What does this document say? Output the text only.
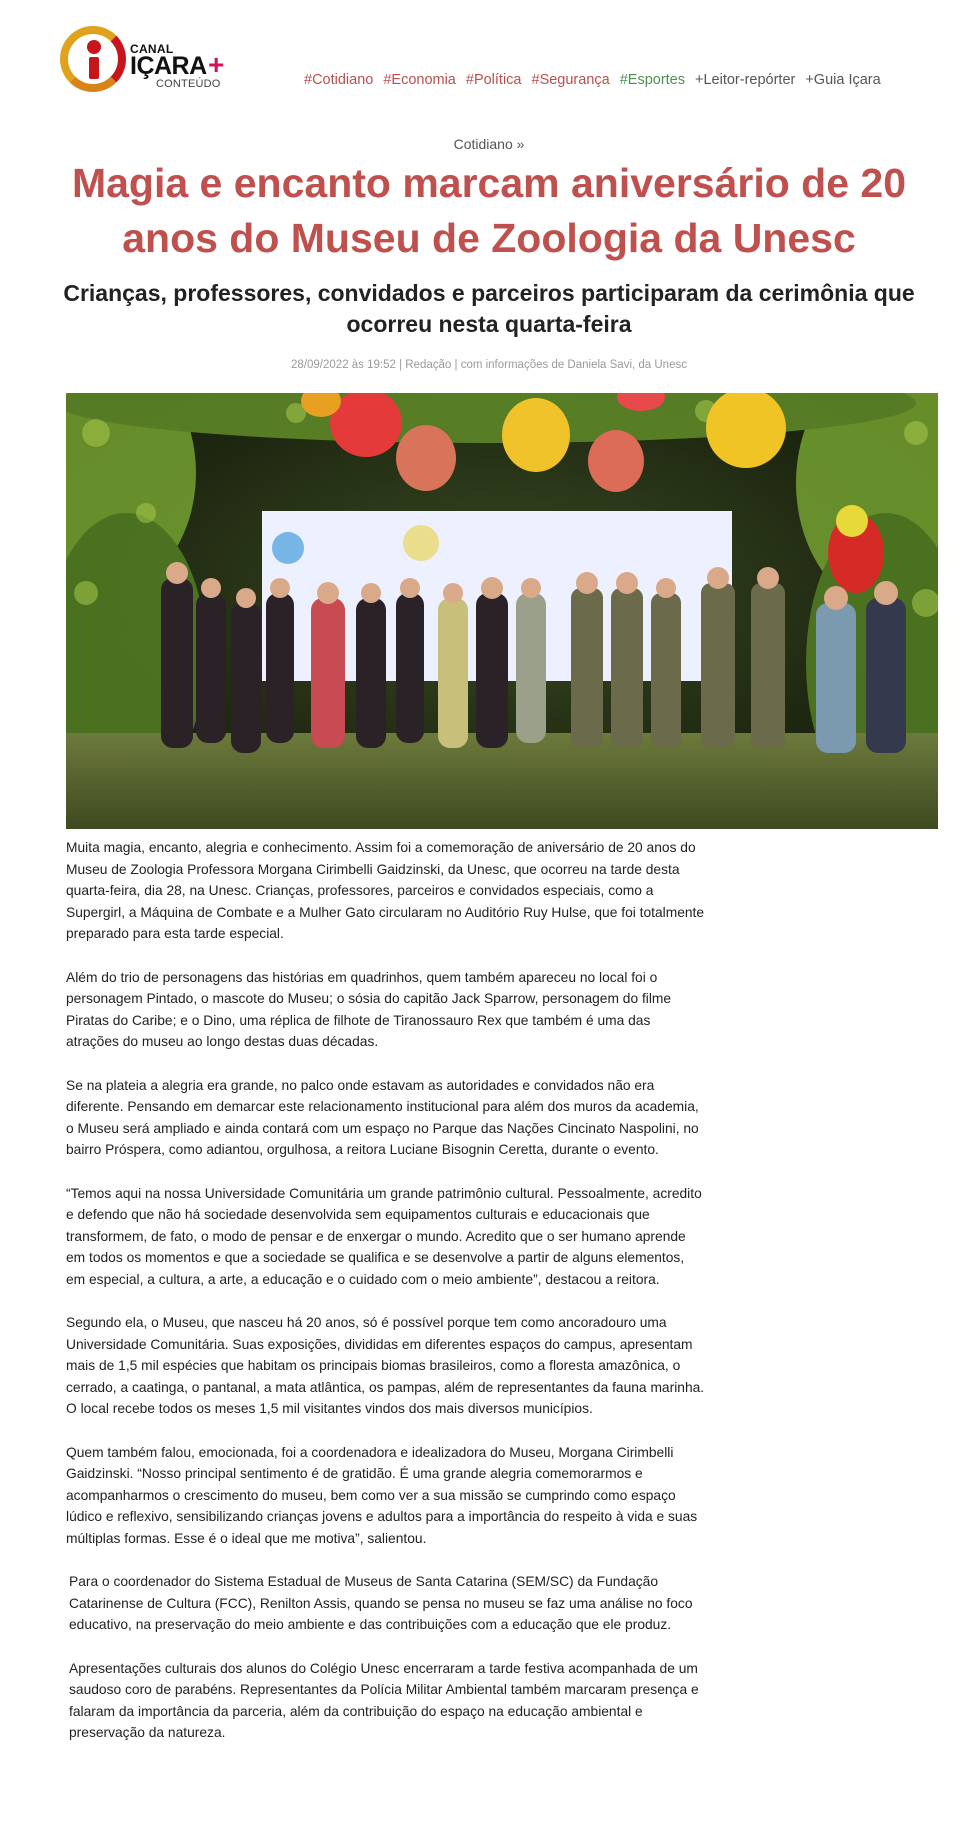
CANAL
IÇARA +
CONTEÚDO	#Cotidiano #Economia #Política #Segurança #Esportes +Leitor-repórter +Guia Içara
Cotidiano »
Magia e encanto marcam aniversário de 20 anos do Museu de Zoologia da Unesc
Crianças, professores, convidados e parceiros participaram da cerimônia que ocorreu nesta quarta-feira
28/09/2022 às 19:52 | Redação | com informações de Daniela Savi, da Unesc

Muita magia, encanto, alegria e conhecimento. Assim foi a comemoração de aniversário de 20 anos do Museu de Zoologia Professora Morgana Cirimbelli Gaidzinski, da Unesc, que ocorreu na tarde desta quarta-feira, dia 28, na Unesc. Crianças, professores, parceiros e convidados especiais, como a Supergirl, a Máquina de Combate e a Mulher Gato circularam no Auditório Ruy Hulse, que foi totalmente preparado para esta tarde especial.

Além do trio de personagens das histórias em quadrinhos, quem também apareceu no local foi o personagem Pintado, o mascote do Museu; o sósia do capitão Jack Sparrow, personagem do filme Piratas do Caribe; e o Dino, uma réplica de filhote de Tiranossauro Rex que também é uma das atrações do museu ao longo destas duas décadas.

Se na plateia a alegria era grande, no palco onde estavam as autoridades e convidados não era diferente. Pensando em demarcar este relacionamento institucional para além dos muros da academia, o Museu será ampliado e ainda contará com um espaço no Parque das Nações Cincinato Naspolini, no bairro Próspera, como adiantou, orgulhosa, a reitora Luciane Bisognin Ceretta, durante o evento.

“Temos aqui na nossa Universidade Comunitária um grande patrimônio cultural. Pessoalmente, acredito e defendo que não há sociedade desenvolvida sem equipamentos culturais e educacionais que transformem, de fato, o modo de pensar e de enxergar o mundo. Acredito que o ser humano aprende em todos os momentos e que a sociedade se qualifica e se desenvolve a partir de alguns elementos, em especial, a cultura, a arte, a educação e o cuidado com o meio ambiente”, destacou a reitora.

Segundo ela, o Museu, que nasceu há 20 anos, só é possível porque tem como ancoradouro uma Universidade Comunitária. Suas exposições, divididas em diferentes espaços do campus, apresentam mais de 1,5 mil espécies que habitam os principais biomas brasileiros, como a floresta amazônica, o cerrado, a caatinga, o pantanal, a mata atlântica, os pampas, além de representantes da fauna marinha. O local recebe todos os meses 1,5 mil visitantes vindos dos mais diversos municípios.

Quem também falou, emocionada, foi a coordenadora e idealizadora do Museu, Morgana Cirimbelli Gaidzinski. “Nosso principal sentimento é de gratidão. É uma grande alegria comemorarmos e acompanharmos o crescimento do museu, bem como ver a sua missão se cumprindo como espaço lúdico e reflexivo, sensibilizando crianças jovens e adultos para a importância do respeito à vida e suas múltiplas formas. Esse é o ideal que me motiva”, salientou.

Para o coordenador do Sistema Estadual de Museus de Santa Catarina (SEM/SC) da Fundação Catarinense de Cultura (FCC), Renilton Assis, quando se pensa no museu se faz uma análise no foco educativo, na preservação do meio ambiente e das contribuições com a educação que ele produz.

Apresentações culturais dos alunos do Colégio Unesc encerraram a tarde festiva acompanhada de um saudoso coro de parabéns. Representantes da Polícia Militar Ambiental também marcaram presença e falaram da importância da parceria, além da contribuição do espaço na educação ambiental e preservação da natureza.
